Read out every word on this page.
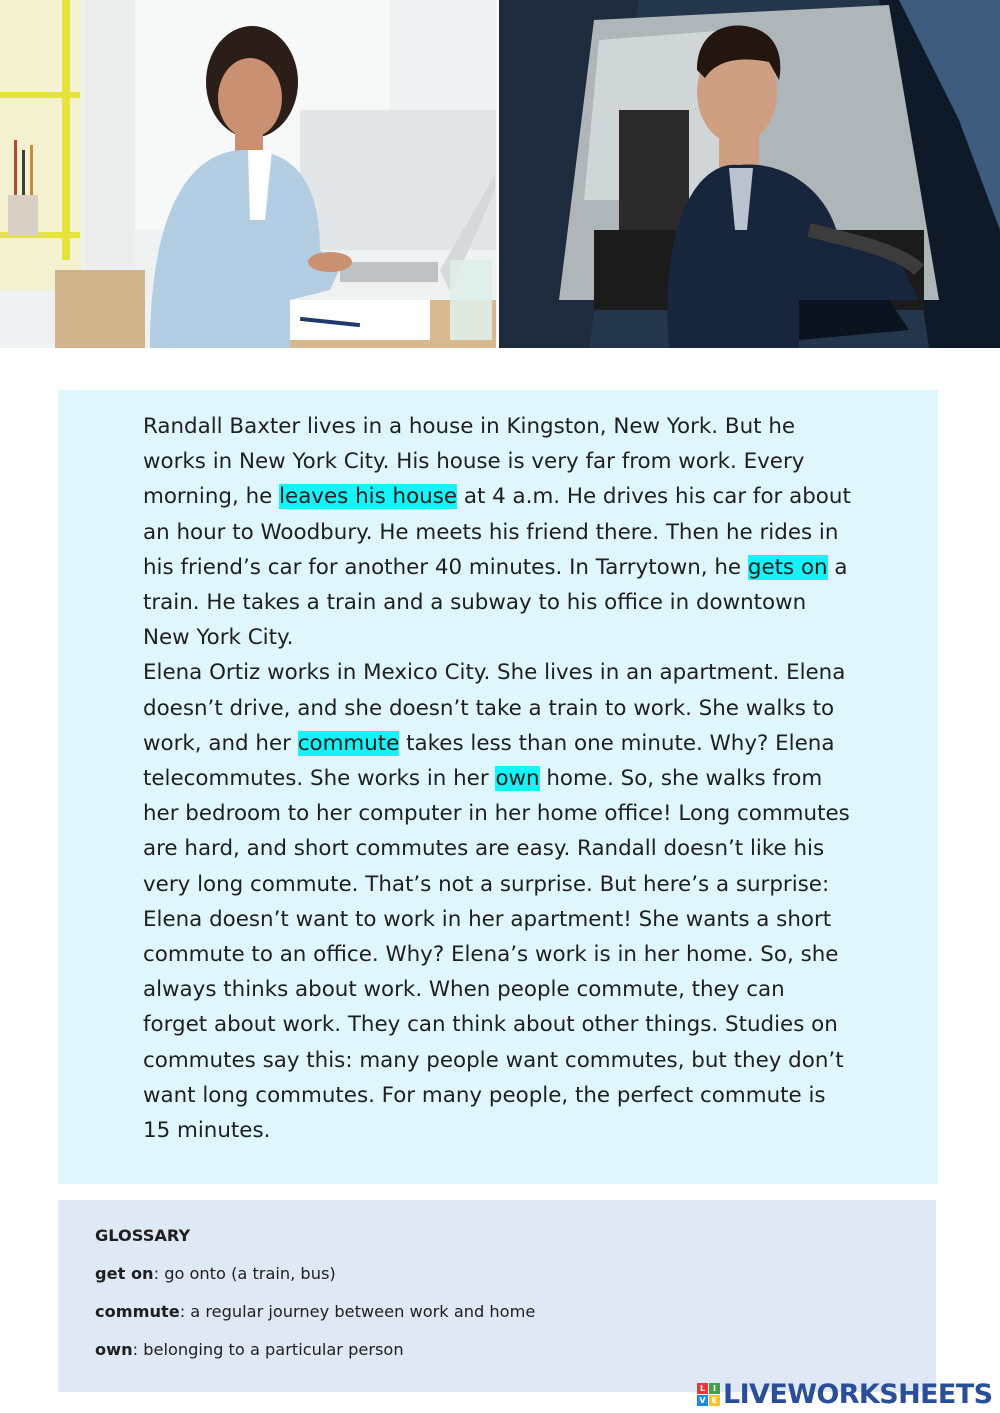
Randall Baxter lives in a house in Kingston, New York. But he
works in New York City. His house is very far from work. Every
morning, he leaves his house at 4 a.m. He drives his car for about
an hour to Woodbury. He meets his friend there. Then he rides in
his friend’s car for another 40 minutes. In Tarrytown, he gets on a
train. He takes a train and a subway to his office in downtown
New York City.

Elena Ortiz works in Mexico City. She lives in an apartment. Elena
doesn’t drive, and she doesn’t take a train to work. She walks to
work, and her commute takes less than one minute. Why? Elena
telecommutes. She works in her own home. So, she walks from
her bedroom to her computer in her home office! Long commutes
are hard, and short commutes are easy. Randall doesn’t like his
very long commute. That’s not a surprise. But here’s a surprise:
Elena doesn’t want to work in her apartment! She wants a short
commute to an office. Why? Elena’s work is in her home. So, she
always thinks about work. When people commute, they can
forget about work. They can think about other things. Studies on
commutes say this: many people want commutes, but they don’t
want long commutes. For many people, the perfect commute is
15 minutes.

GLOSSARY

get on: go onto (a train, bus)

commute: a regular journey between work and home

own: belonging to a particular person

L I
V E LIVEWORKSHEETS
